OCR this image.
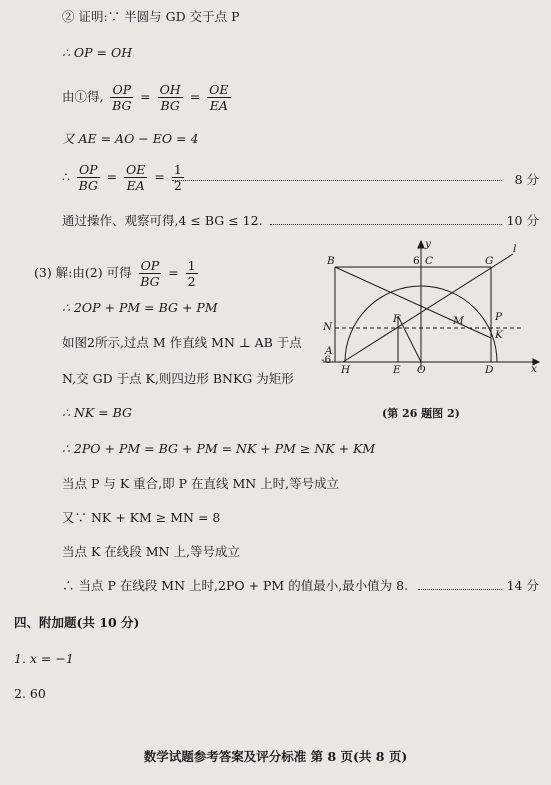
② 证明:∵ 半圆与 GD 交于点 P
∴ OP = OH
由①得, $\frac{OP}{BG} = \frac{OH}{BG} = \frac{OE}{EA}$
又 AE = AO − EO = 4
∴ $\frac{OP}{BG} = \frac{OE}{EA} = \frac{1}{2}$	8 分
通过操作、观察可得,4 ≤ BG ≤ 12.	10 分
(3) 解:由(2) 可得 $\frac{OP}{BG} = \frac{1}{2}$
∴ 2OP + PM = BG + PM
如图2所示,过点 M 作直线 MN ⊥ AB 于点
N,交 GD 于点 K,则四边形 BNKG 为矩形
∴ NK = BG
∴ 2PO + PM = BG + PM = NK + PM ≥ NK + KM
当点 P 与 K 重合,即 P 在直线 MN 上时,等号成立
又∵ NK + KM ≥ MN = 8
当点 K 在线段 MN 上,等号成立
∴ 当点 P 在线段 MN 上时,2PO + PM 的值最小,最小值为 8.	14 分
y
x
l
B	C	G
6
N
F	M	P
K
A
-6
H	E O	D
(第 26 题图 2)
四、附加题(共 10 分)
1. x = −1
2. 60
数学试题参考答案及评分标准 第 8 页(共 8 页)
